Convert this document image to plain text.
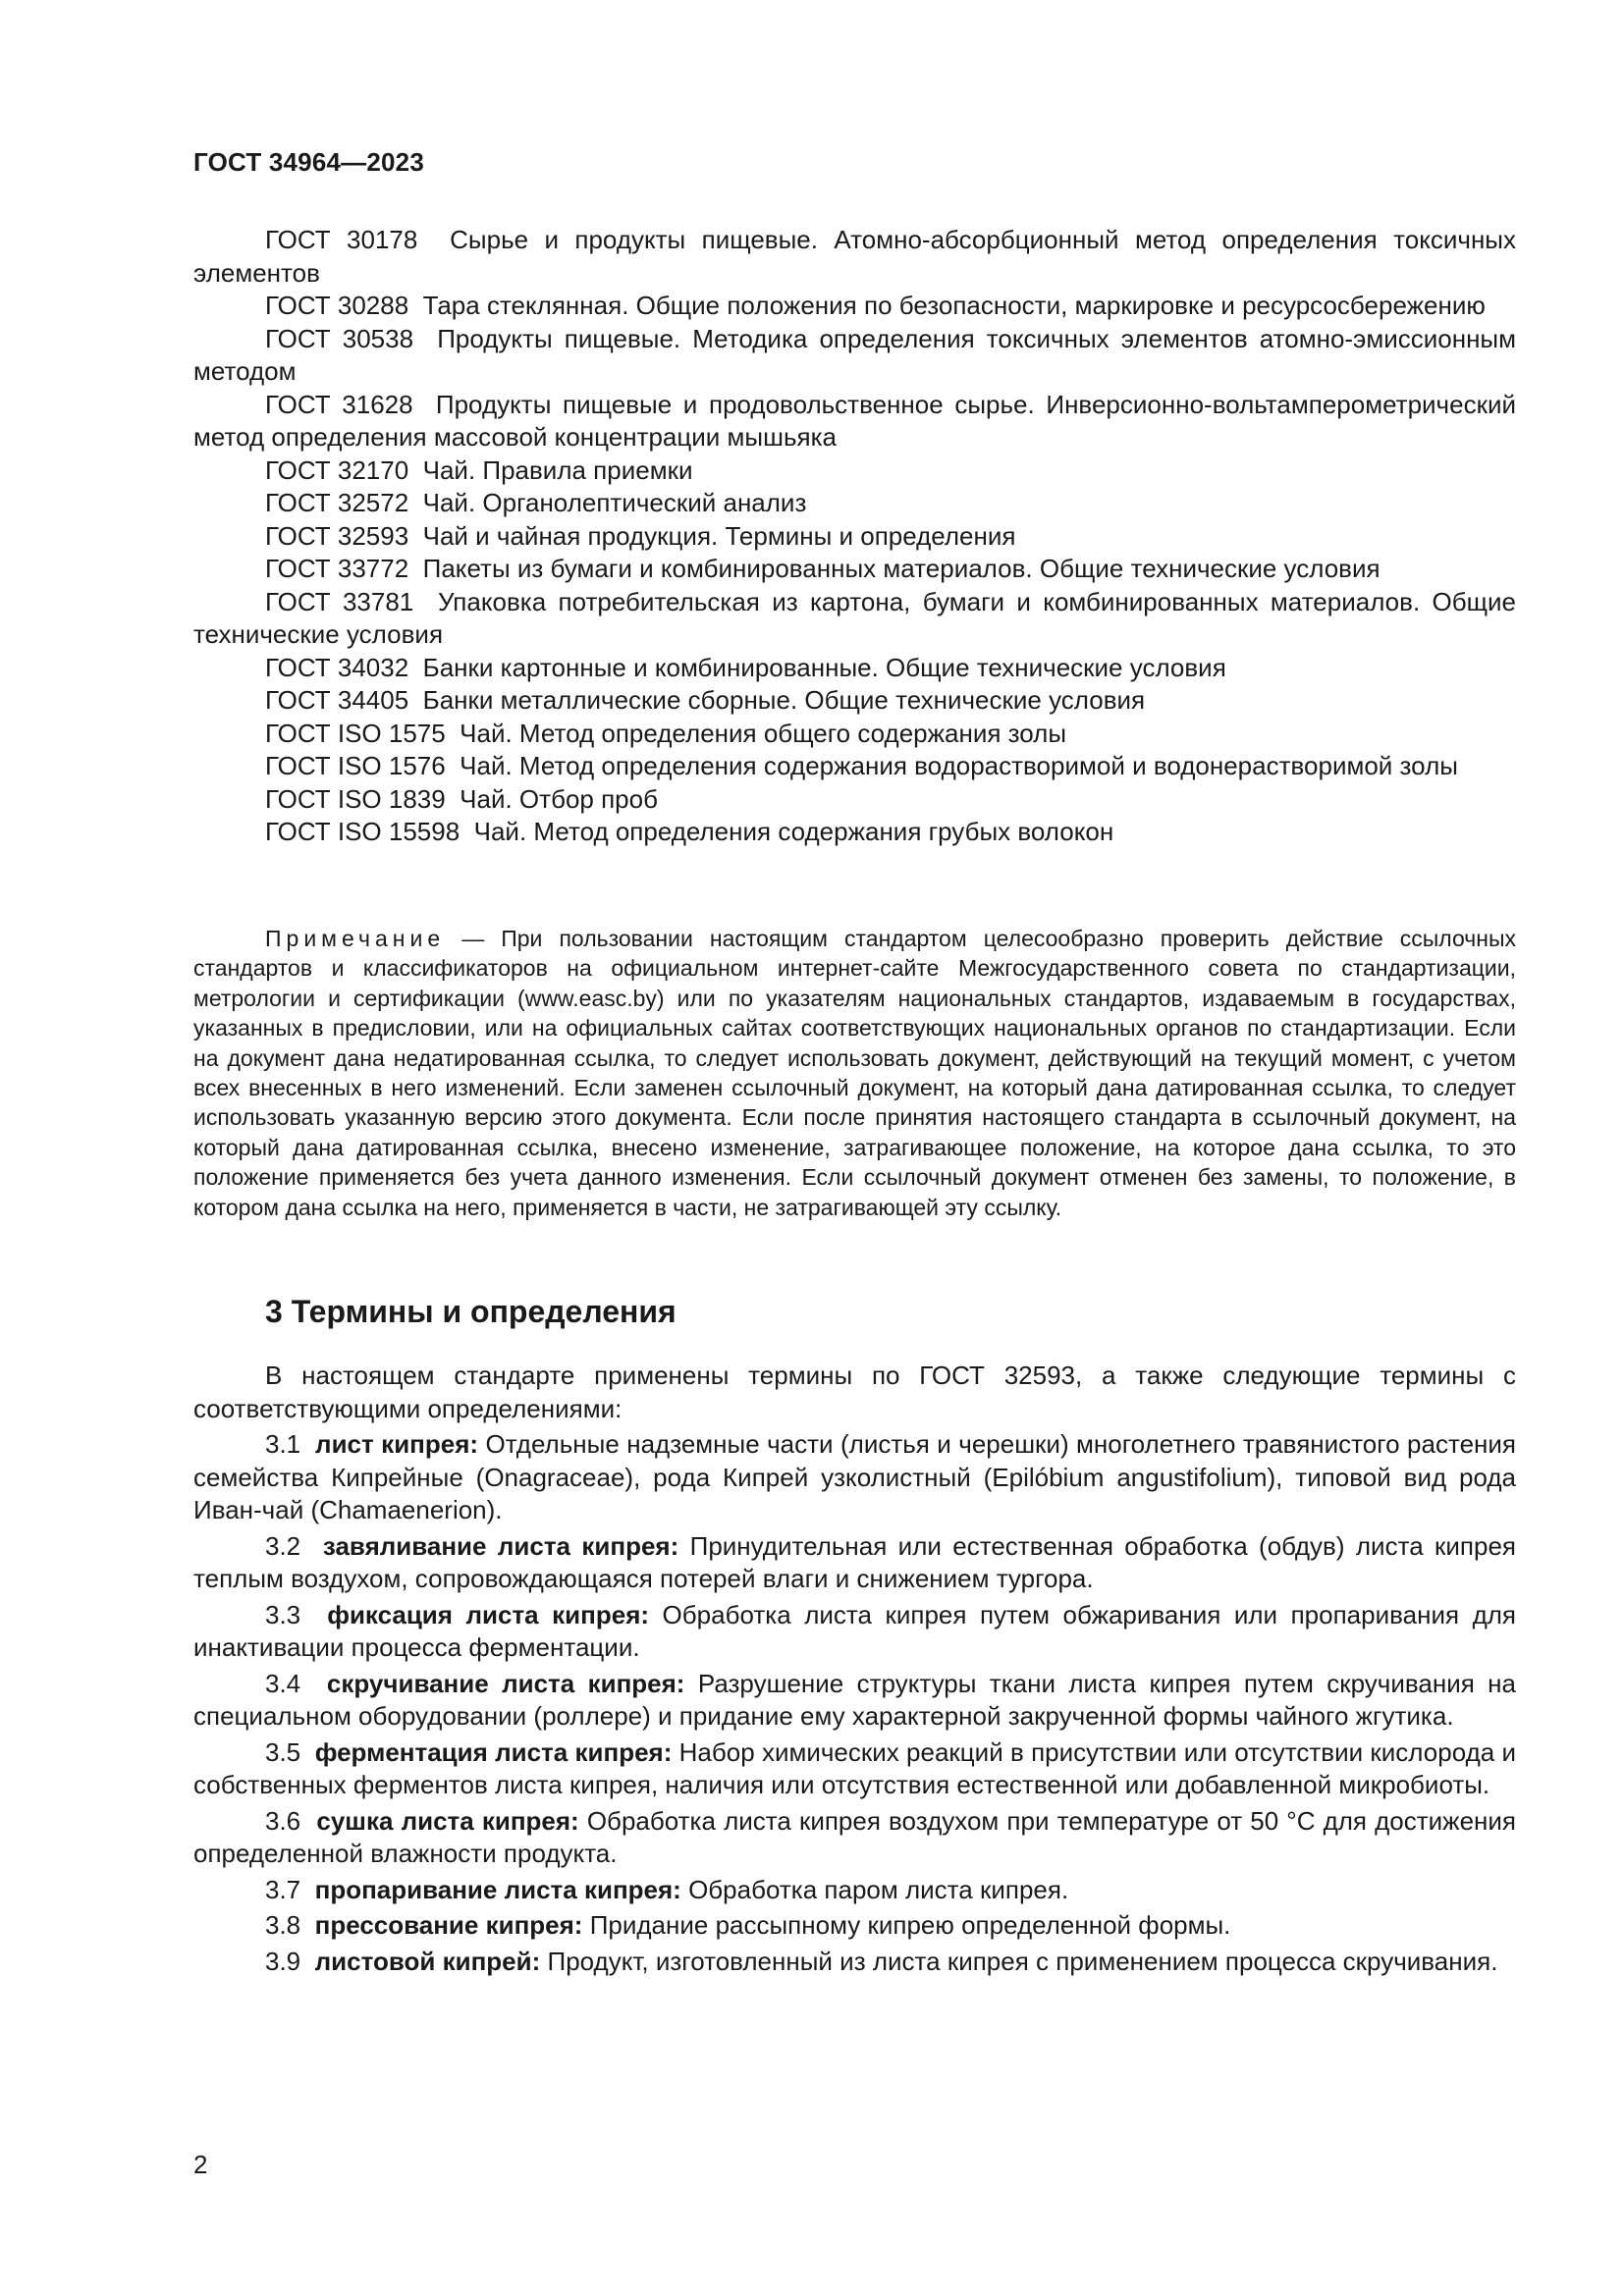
ГОСТ 34964—2023

ГОСТ 30178 Сырье и продукты пищевые. Атомно-абсорбционный метод определения токсичных элементов

ГОСТ 30288 Тара стеклянная. Общие положения по безопасности, маркировке и ресурсосбережению

ГОСТ 30538 Продукты пищевые. Методика определения токсичных элементов атомно-эмиссионным методом

ГОСТ 31628 Продукты пищевые и продовольственное сырье. Инверсионно-вольтамперометрический метод определения массовой концентрации мышьяка

ГОСТ 32170 Чай. Правила приемки

ГОСТ 32572 Чай. Органолептический анализ

ГОСТ 32593 Чай и чайная продукция. Термины и определения

ГОСТ 33772 Пакеты из бумаги и комбинированных материалов. Общие технические условия

ГОСТ 33781 Упаковка потребительская из картона, бумаги и комбинированных материалов. Общие технические условия

ГОСТ 34032 Банки картонные и комбинированные. Общие технические условия

ГОСТ 34405 Банки металлические сборные. Общие технические условия

ГОСТ ISO 1575 Чай. Метод определения общего содержания золы

ГОСТ ISO 1576 Чай. Метод определения содержания водорастворимой и водонерастворимой золы

ГОСТ ISO 1839 Чай. Отбор проб

ГОСТ ISO 15598 Чай. Метод определения содержания грубых волокон

Примечание — При пользовании настоящим стандартом целесообразно проверить действие ссылочных стандартов и классификаторов на официальном интернет-сайте Межгосударственного совета по стандартизации, метрологии и сертификации (www.easc.by) или по указателям национальных стандартов, издаваемым в государствах, указанных в предисловии, или на официальных сайтах соответствующих национальных органов по стандартизации. Если на документ дана недатированная ссылка, то следует использовать документ, действующий на текущий момент, с учетом всех внесенных в него изменений. Если заменен ссылочный документ, на который дана датированная ссылка, то следует использовать указанную версию этого документа. Если после принятия настоящего стандарта в ссылочный документ, на который дана датированная ссылка, внесено изменение, затрагивающее положение, на которое дана ссылка, то это положение применяется без учета данного изменения. Если ссылочный документ отменен без замены, то положение, в котором дана ссылка на него, применяется в части, не затрагивающей эту ссылку.

3 Термины и определения

В настоящем стандарте применены термины по ГОСТ 32593, а также следующие термины с соответствующими определениями:

3.1 лист кипрея: Отдельные надземные части (листья и черешки) многолетнего травянистого растения семейства Кипрейные (Onagraceae), рода Кипрей узколистный (Epilóbium angustifolium), типовой вид рода Иван-чай (Chamaenerion).

3.2 завяливание листа кипрея: Принудительная или естественная обработка (обдув) листа кипрея теплым воздухом, сопровождающаяся потерей влаги и снижением тургора.

3.3 фиксация листа кипрея: Обработка листа кипрея путем обжаривания или пропаривания для инактивации процесса ферментации.

3.4 скручивание листа кипрея: Разрушение структуры ткани листа кипрея путем скручивания на специальном оборудовании (роллере) и придание ему характерной закрученной формы чайного жгутика.

3.5 ферментация листа кипрея: Набор химических реакций в присутствии или отсутствии кислорода и собственных ферментов листа кипрея, наличия или отсутствия естественной или добавленной микробиоты.

3.6 сушка листа кипрея: Обработка листа кипрея воздухом при температуре от 50 °С для достижения определенной влажности продукта.

3.7 пропаривание листа кипрея: Обработка паром листа кипрея.

3.8 прессование кипрея: Придание рассыпному кипрею определенной формы.

3.9 листовой кипрей: Продукт, изготовленный из листа кипрея с применением процесса скручивания.

2
